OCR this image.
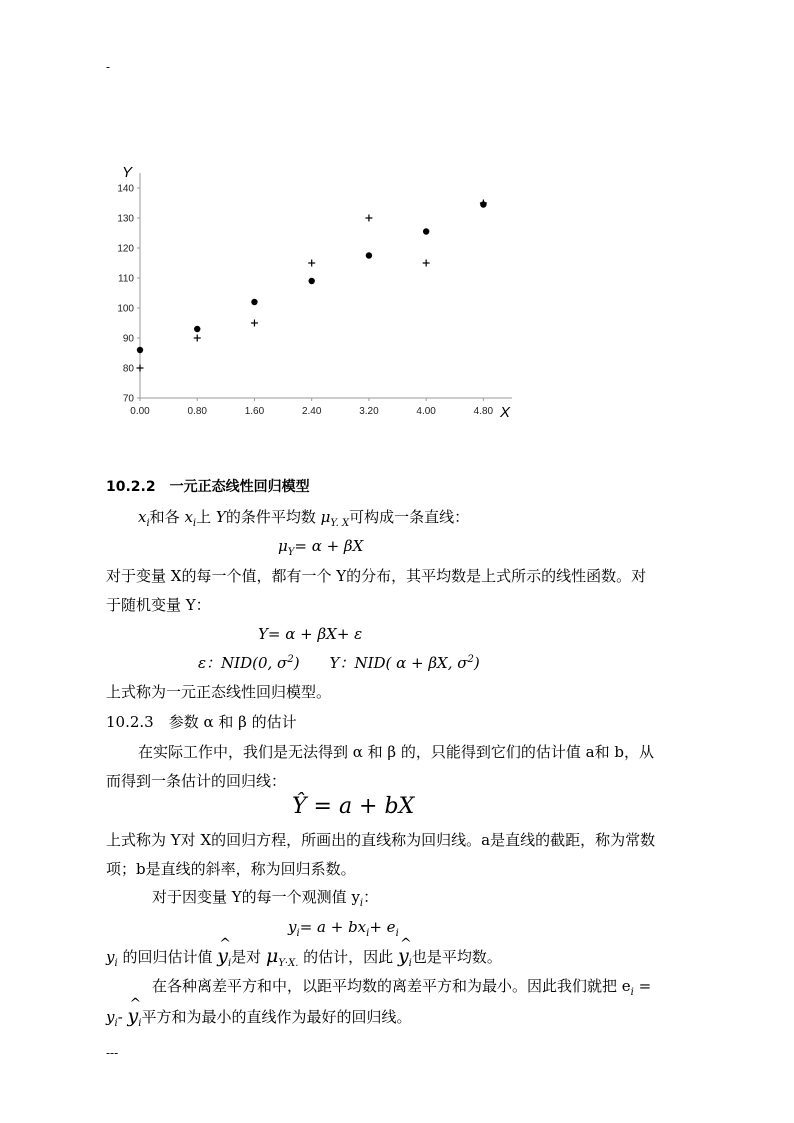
-
70
80
90
100
110
120
130
140
0.00	0.80	1.60	2.40	3.20	4.00	4.80
Y
X
10.2.2　一元正态线性回归模型
$x_i$和各 $x_i$上 Y的条件平均数 $\mu_{Y. X}$可构成一条直线：
$\mu_Y= \alpha + \beta X$
对于变量 X的每一个值，都有一个 Y的分布，其平均数是上式所示的线性函数。对
于随机变量 Y：
Y= α + βX+ ε
ε：NID(0, $\sigma^2$)　　Y：NID( α + βX, $\sigma^2$)
上式称为一元正态线性回归模型。
10.2.3　参数 α 和 β 的估计
在实际工作中，我们是无法得到 α 和 β 的，只能得到它们的估计值 a和 b，从
而得到一条估计的回归线：
Ŷ = a + bX
上式称为 Y对 X的回归方程，所画出的直线称为回归线。a是直线的截距，称为常数
项；b是直线的斜率，称为回归系数。
对于因变量 Y的每一个观测值 $y_i$：
$y_i= a + bx_i+ e_i$
$y_i$ 的回归估计值 ^ $y_i$是对 $\mu_{Y\cdot X.}$ 的估计，因此 ^ $y_i$也是平均数。
在各种离差平方和中，以距平均数的离差平方和为最小。因此我们就把 $e_i$ =
$y_i-$ ^ $y_i$平方和为最小的直线作为最好的回归线。
---
